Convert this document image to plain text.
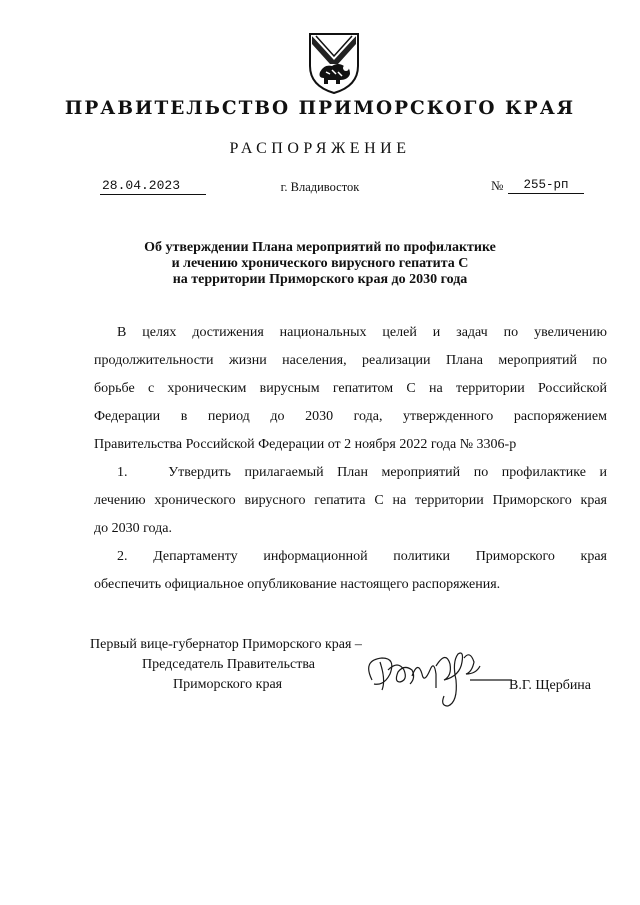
ПРАВИТЕЛЬСТВО ПРИМОРСКОГО КРАЯ
РАСПОРЯЖЕНИЕ
28.04.2023	г. Владивосток	№	255-рп
Об утверждении Плана мероприятий по профилактике
и лечению хронического вирусного гепатита С
на территории Приморского края до 2030 года
В целях достижения национальных целей и задач по увеличению
продолжительности жизни населения, реализации Плана мероприятий по
борьбе с хроническим вирусным гепатитом С на территории Российской
Федерации в период до 2030 года, утвержденного распоряжением
Правительства Российской Федерации от 2 ноября 2022 года № 3306-р
1.   Утвердить прилагаемый План мероприятий по профилактике и
лечению хронического вирусного гепатита С на территории Приморского края
до 2030 года.
2. Департаменту информационной политики Приморского края
обеспечить официальное опубликование настоящего распоряжения.
Первый вице-губернатор Приморского края –
Председатель Правительства
Приморского края	В.Г. Щербина
